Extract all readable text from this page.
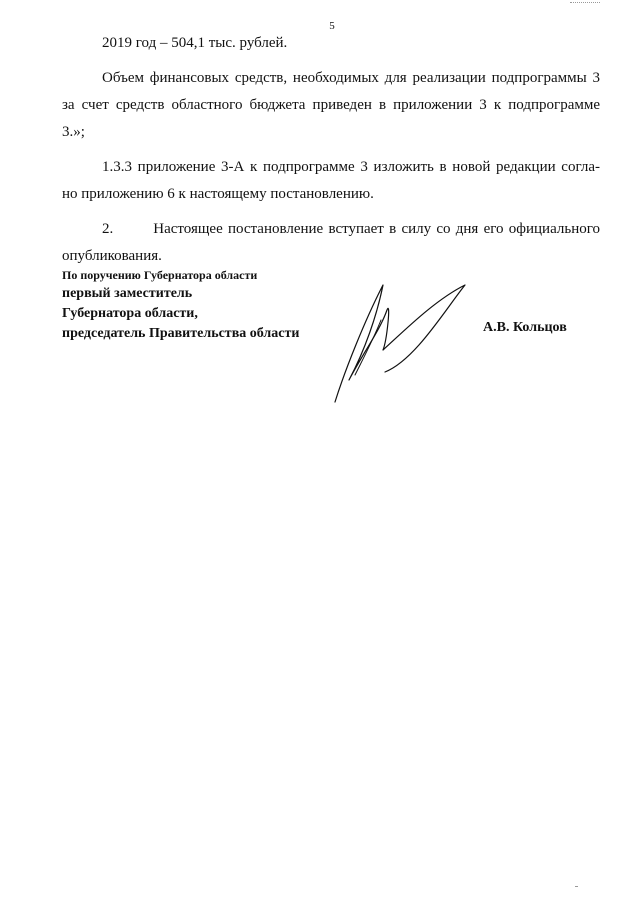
5
2019 год – 504,1 тыс. рублей.
Объем финансовых средств, необходимых для реализации подпрограммы 3
за счет средств областного бюджета приведен в приложении 3 к подпрограмме
3.»;
1.3.3 приложение 3-А к подпрограмме 3 изложить в новой редакции согла-
но приложению 6 к настоящему постановлению.
2.	Настоящее постановление вступает в силу со дня его официального
опубликования.
По поручению Губернатора области
первый заместитель
Губернатора области,
председатель Правительства области	А.В. Кольцов
